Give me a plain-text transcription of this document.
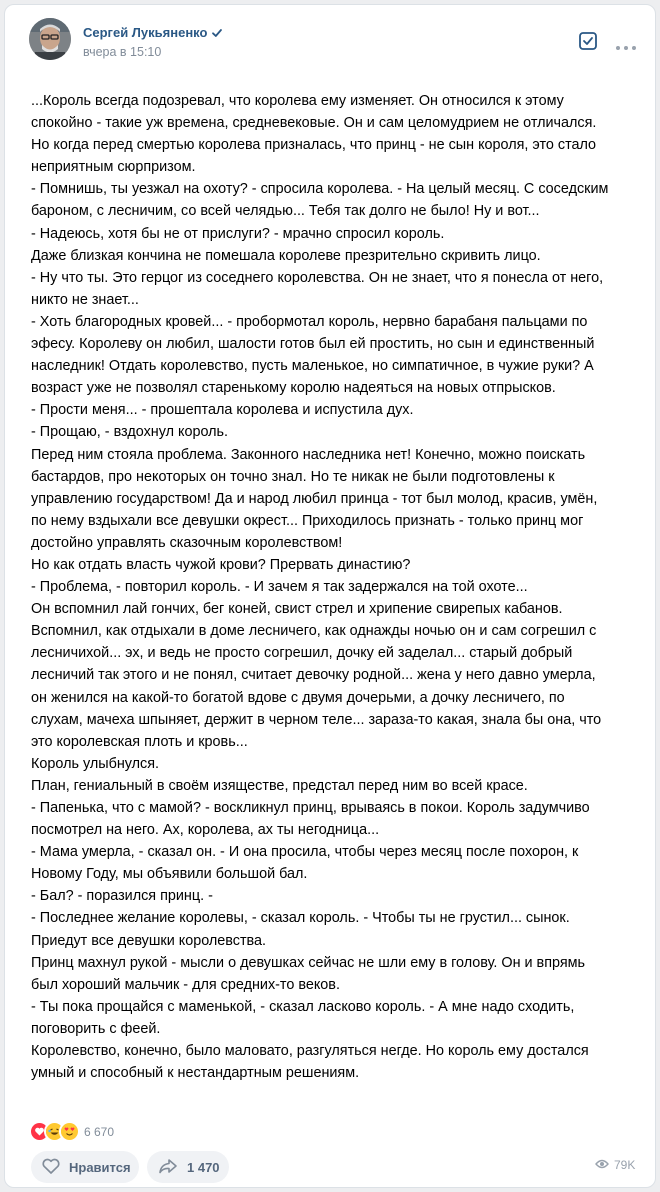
Сергей Лукьяненко
вчера в 15:10

...Король всегда подозревал, что королева ему изменяет. Он относился к этому

спокойно - такие уж времена, средневековые. Он и сам целомудрием не отличался.

Но когда перед смертью королева призналась, что принц - не сын короля, это стало

неприятным сюрпризом.

- Помнишь, ты уезжал на охоту? - спросила королева. - На целый месяц. С соседским

бароном, с лесничим, со всей челядью... Тебя так долго не было! Ну и вот...

- Надеюсь, хотя бы не от прислуги? - мрачно спросил король.

Даже близкая кончина не помешала королеве презрительно скривить лицо.

- Ну что ты. Это герцог из соседнего королевства. Он не знает, что я понесла от него,

никто не знает...

- Хоть благородных кровей... - пробормотал король, нервно барабаня пальцами по

эфесу. Королеву он любил, шалости готов был ей простить, но сын и единственный

наследник! Отдать королевство, пусть маленькое, но симпатичное, в чужие руки? А

возраст уже не позволял старенькому королю надеяться на новых отпрысков.

- Прости меня... - прошептала королева и испустила дух.

- Прощаю, - вздохнул король.

Перед ним стояла проблема. Законного наследника нет! Конечно, можно поискать

бастардов, про некоторых он точно знал. Но те никак не были подготовлены к

управлению государством! Да и народ любил принца - тот был молод, красив, умён,

по нему вздыхали все девушки окрест... Приходилось признать - только принц мог

достойно управлять сказочным королевством!

Но как отдать власть чужой крови? Прервать династию?

- Проблема, - повторил король. - И зачем я так задержался на той охоте...

Он вспомнил лай гончих, бег коней, свист стрел и хрипение свирепых кабанов.

Вспомнил, как отдыхали в доме лесничего, как однажды ночью он и сам согрешил с

лесничихой... эх, и ведь не просто согрешил, дочку ей заделал... старый добрый

лесничий так этого и не понял, считает девочку родной... жена у него давно умерла,

он женился на какой-то богатой вдове с двумя дочерьми, а дочку лесничего, по

слухам, мачеха шпыняет, держит в черном теле... зараза-то какая, знала бы она, что

это королевская плоть и кровь...

Король улыбнулся.

План, гениальный в своём изяществе, предстал перед ним во всей красе.

- Папенька, что с мамой? - воскликнул принц, врываясь в покои. Король задумчиво

посмотрел на него. Ах, королева, ах ты негодница...

- Мама умерла, - сказал он. - И она просила, чтобы через месяц после похорон, к

Новому Году, мы объявили большой бал.

- Бал? - поразился принц. -

- Последнее желание королевы, - сказал король. - Чтобы ты не грустил... сынок.

Приедут все девушки королевства.

Принц махнул рукой - мысли о девушках сейчас не шли ему в голову. Он и впрямь

был хороший мальчик - для средних-то веков.

- Ты пока прощайся с маменькой, - сказал ласково король. - А мне надо сходить,

поговорить с феей.

Королевство, конечно, было маловато, разгуляться негде. Но король ему достался

умный и способный к нестандартным решениям.

6 670
Нравится	1 470	79K
